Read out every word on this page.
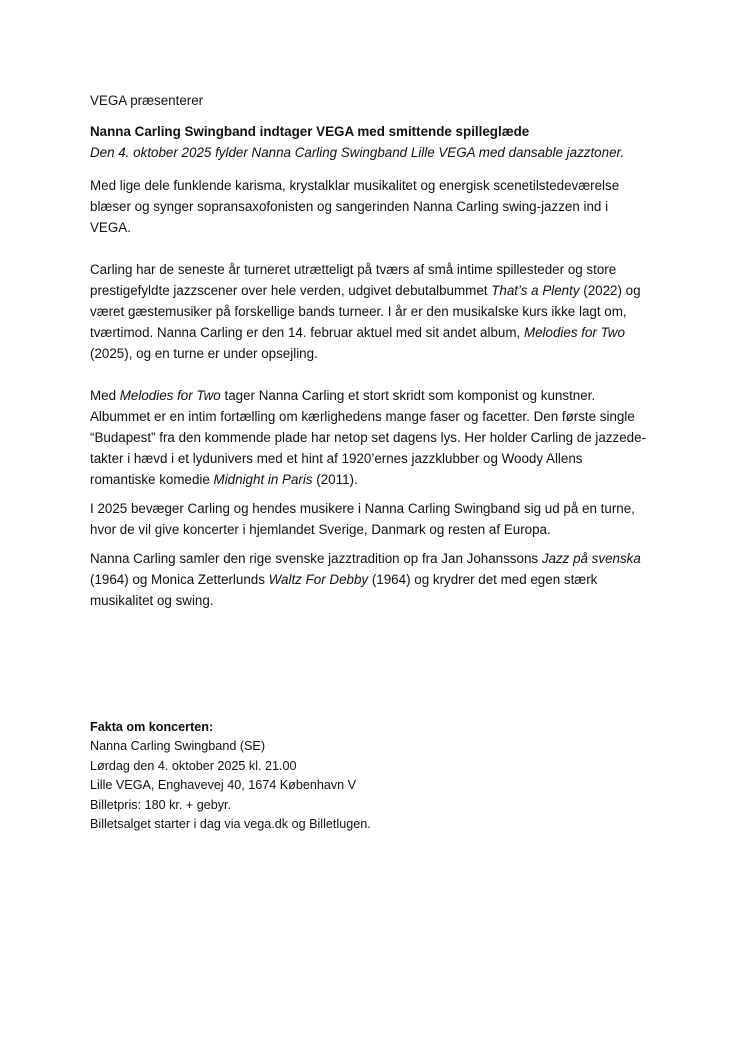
VEGA præsenterer

Nanna Carling Swingband indtager VEGA med smittende spilleglæde

Den 4. oktober 2025 fylder Nanna Carling Swingband Lille VEGA med dansable jazztoner.

Med lige dele funklende karisma, krystalklar musikalitet og energisk scenetilstedeværelse blæser og synger sopransaxofonisten og sangerinden Nanna Carling swing-jazzen ind i VEGA.

Carling har de seneste år turneret utrætteligt på tværs af små intime spillesteder og store prestigefyldte jazzscener over hele verden, udgivet debutalbummet That’s a Plenty (2022) og været gæstemusiker på forskellige bands turneer. I år er den musikalske kurs ikke lagt om, tværtimod. Nanna Carling er den 14. februar aktuel med sit andet album, Melodies for Two (2025), og en turne er under opsejling.

Med Melodies for Two tager Nanna Carling et stort skridt som komponist og kunstner. Albummet er en intim fortælling om kærlighedens mange faser og facetter. Den første single “Budapest” fra den kommende plade har netop set dagens lys. Her holder Carling de jazzede-takter i hævd i et lydunivers med et hint af 1920’ernes jazzklubber og Woody Allens romantiske komedie Midnight in Paris (2011).

I 2025 bevæger Carling og hendes musikere i Nanna Carling Swingband sig ud på en turne, hvor de vil give koncerter i hjemlandet Sverige, Danmark og resten af Europa.

Nanna Carling samler den rige svenske jazztradition op fra Jan Johanssons Jazz på svenska (1964) og Monica Zetterlunds Waltz For Debby (1964) og krydrer det med egen stærk musikalitet og swing.

Fakta om koncerten:

Nanna Carling Swingband (SE)

Lørdag den 4. oktober 2025 kl. 21.00

Lille VEGA, Enghavevej 40, 1674 København V

Billetpris: 180 kr. + gebyr.

Billetsalget starter i dag via vega.dk og Billetlugen.
